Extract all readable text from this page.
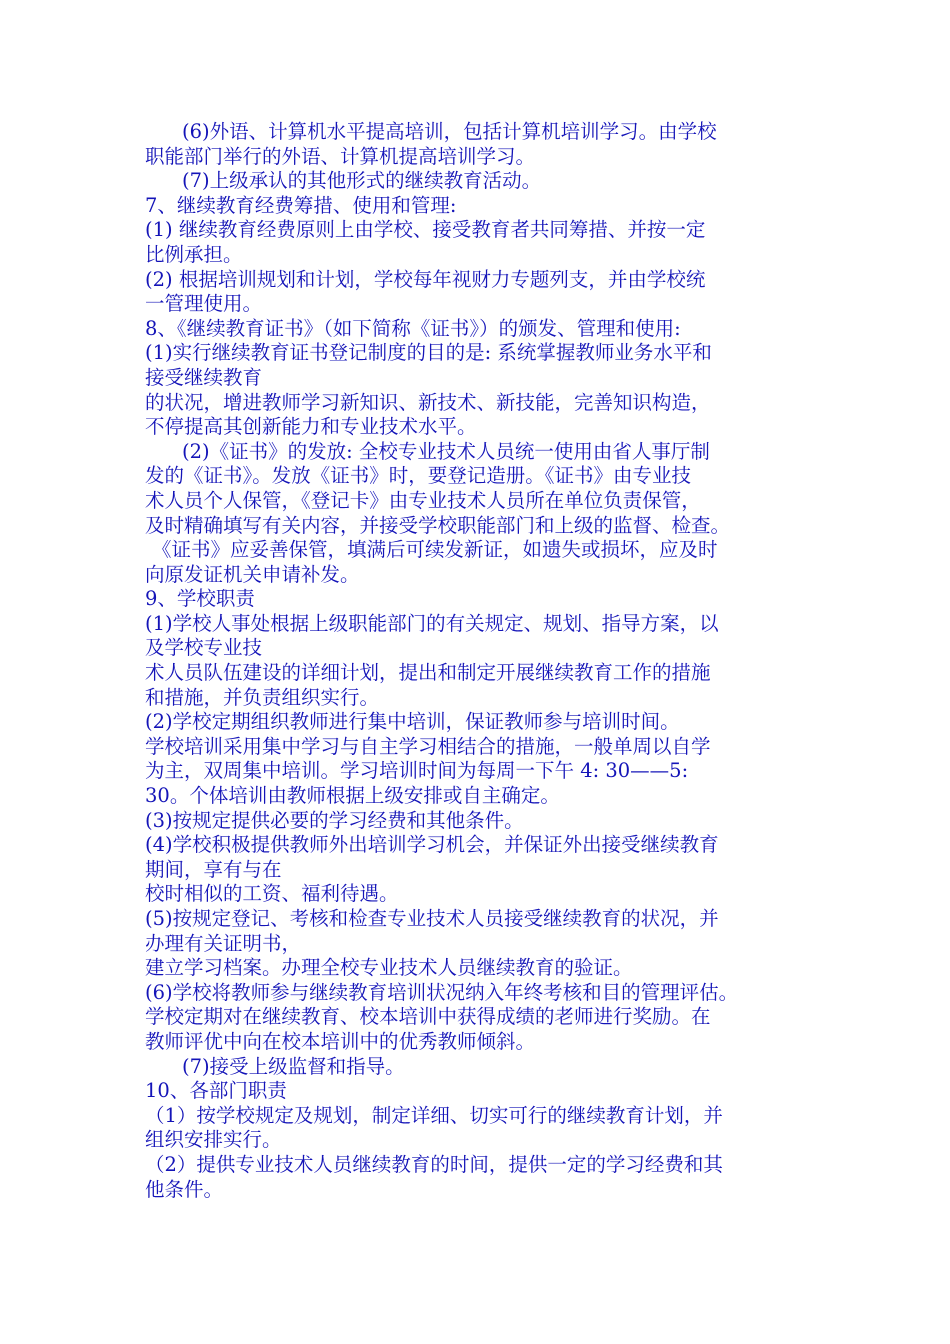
(6)外语、计算机水平提高培训，包括计算机培训学习。由学校
职能部门举行的外语、计算机提高培训学习。
(7)上级承认的其他形式的继续教育活动。
7、继续教育经费筹措、使用和管理:
(1) 继续教育经费原则上由学校、接受教育者共同筹措、并按一定
比例承担。
(2) 根据培训规划和计划，学校每年视财力专题列支，并由学校统
一管理使用。
8、《继续教育证书》（如下简称《证书》）的颁发、管理和使用:
(1)实行继续教育证书登记制度的目的是: 系统掌握教师业务水平和
接受继续教育
的状况，增进教师学习新知识、新技术、新技能，完善知识构造，
不停提高其创新能力和专业技术水平。
(2)《证书》的发放: 全校专业技术人员统一使用由省人事厅制
发的《证书》。发放《证书》时，要登记造册。《证书》由专业技
术人员个人保管，《登记卡》由专业技术人员所在单位负责保管，
及时精确填写有关内容，并接受学校职能部门和上级的监督、检查。
《证书》应妥善保管，填满后可续发新证，如遗失或损坏，应及时
向原发证机关申请补发。
9、学校职责
(1)学校人事处根据上级职能部门的有关规定、规划、指导方案，以
及学校专业技
术人员队伍建设的详细计划，提出和制定开展继续教育工作的措施
和措施，并负责组织实行。
(2)学校定期组织教师进行集中培训，保证教师参与培训时间。
学校培训采用集中学习与自主学习相结合的措施，一般单周以自学
为主，双周集中培训。学习培训时间为每周一下午 4: 30——5:
30。个体培训由教师根据上级安排或自主确定。
(3)按规定提供必要的学习经费和其他条件。
(4)学校积极提供教师外出培训学习机会，并保证外出接受继续教育
期间，享有与在
校时相似的工资、福利待遇。
(5)按规定登记、考核和检查专业技术人员接受继续教育的状况，并
办理有关证明书，
建立学习档案。办理全校专业技术人员继续教育的验证。
(6)学校将教师参与继续教育培训状况纳入年终考核和目的管理评估。
学校定期对在继续教育、校本培训中获得成绩的老师进行奖励。在
教师评优中向在校本培训中的优秀教师倾斜。
(7)接受上级监督和指导。
10、各部门职责
（1）按学校规定及规划，制定详细、切实可行的继续教育计划，并
组织安排实行。
（2）提供专业技术人员继续教育的时间，提供一定的学习经费和其
他条件。
